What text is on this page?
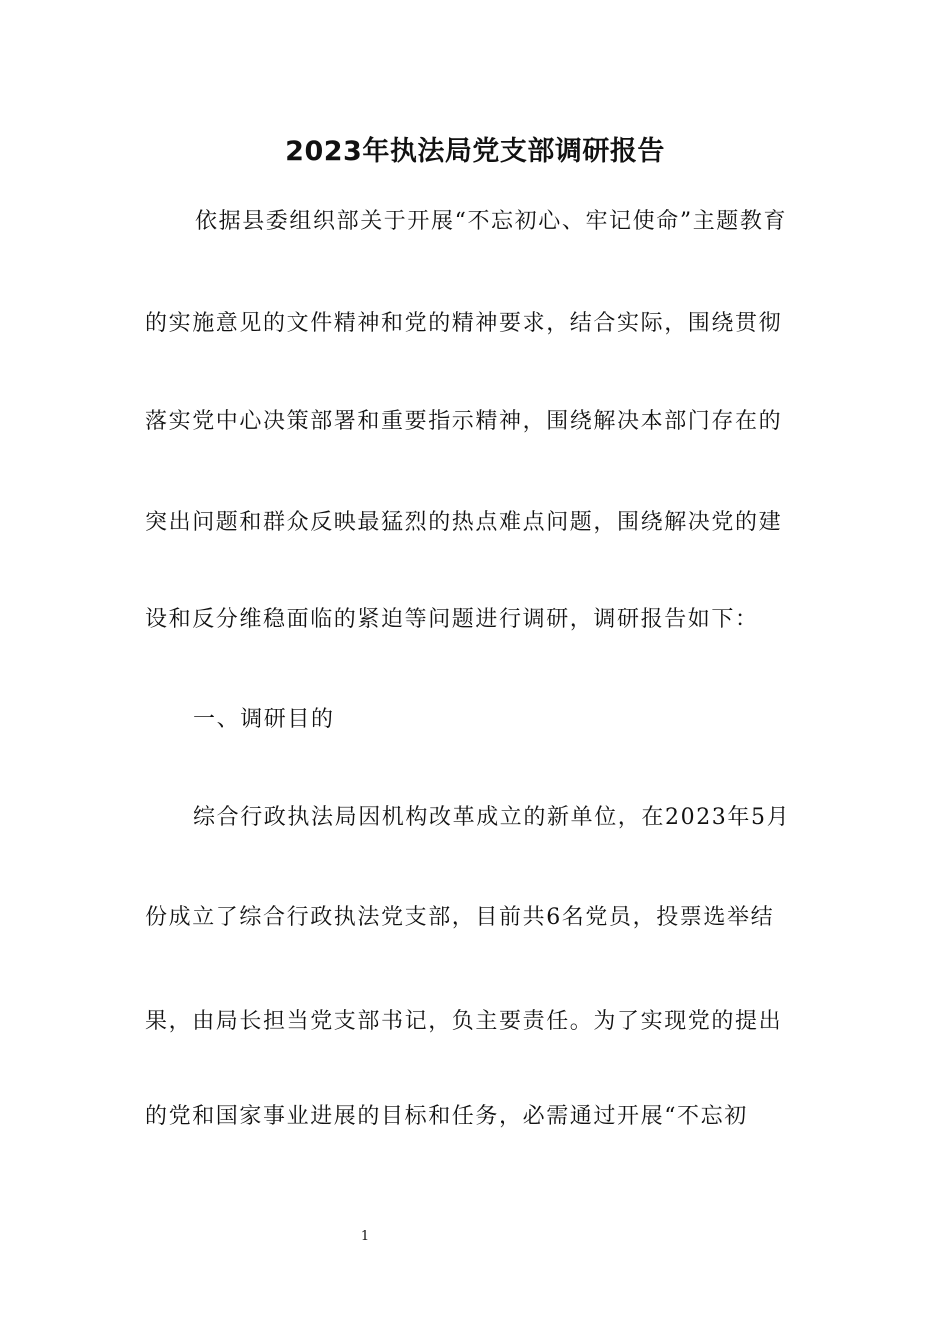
2023年执法局党支部调研报告
依据县委组织部关于开展“不忘初心、牢记使命”主题教育
的实施意见的文件精神和党的精神要求，结合实际，围绕贯彻
落实党中心决策部署和重要指示精神，围绕解决本部门存在的
突出问题和群众反映最猛烈的热点难点问题，围绕解决党的建
设和反分维稳面临的紧迫等问题进行调研，调研报告如下：
一、调研目的
综合行政执法局因机构改革成立的新单位，在2023年5月
份成立了综合行政执法党支部，目前共6名党员，投票选举结
果，由局长担当党支部书记，负主要责任。为了实现党的提出
的党和国家事业进展的目标和任务，必需通过开展“不忘初
1
